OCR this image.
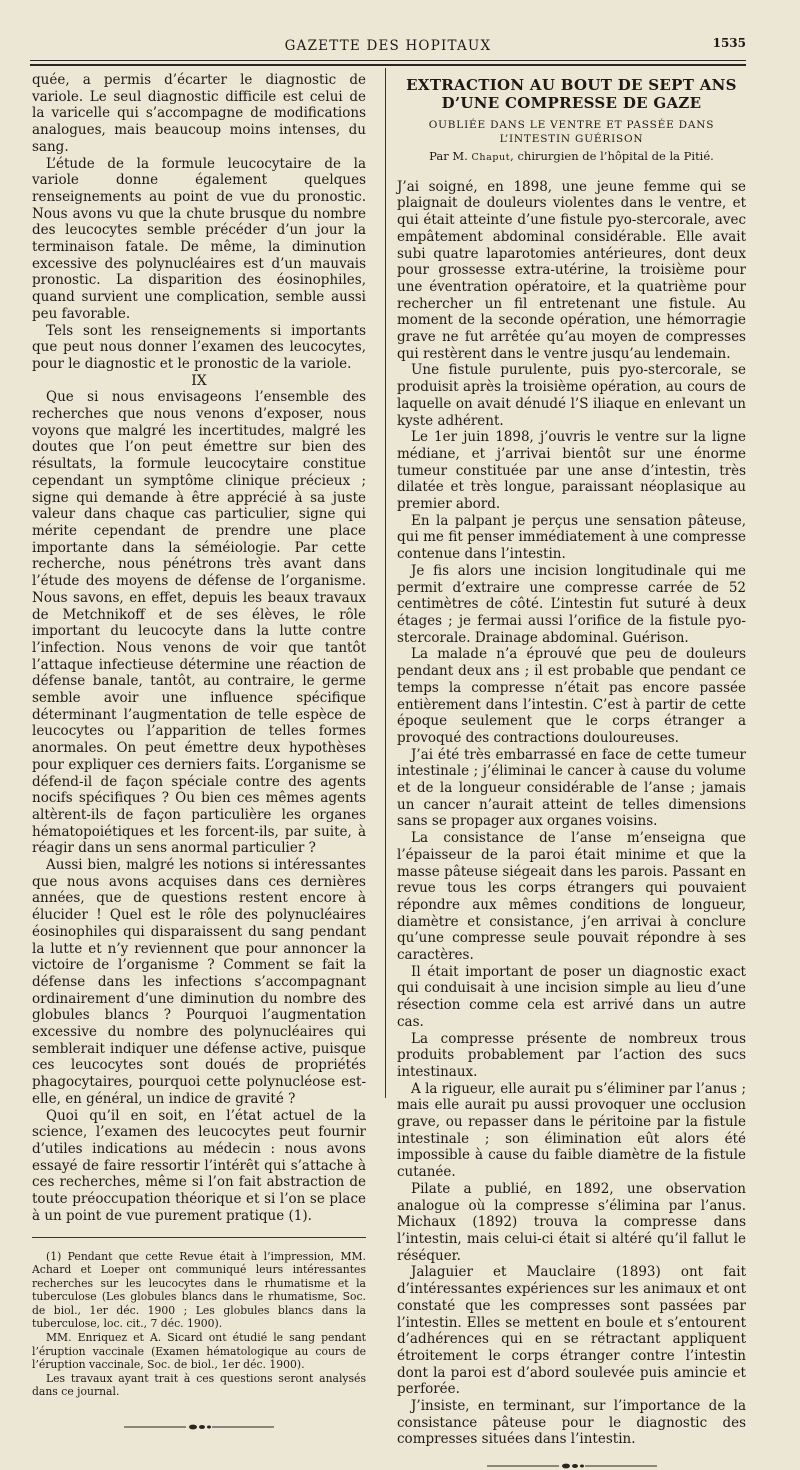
GAZETTE DES HOPITAUX	1535

quée, a permis d’écarter le diagnostic de variole. Le seul diagnostic difficile est celui de la varicelle qui s’accompagne de modifications analogues, mais beaucoup moins intenses, du sang.

L’étude de la formule leucocytaire de la variole donne également quelques renseignements au point de vue du pronostic. Nous avons vu que la chute brusque du nombre des leucocytes semble précéder d’un jour la terminaison fatale. De même, la diminution excessive des polynucléaires est d’un mauvais pronostic. La disparition des éosinophiles, quand survient une complication, semble aussi peu favorable.

Tels sont les renseignements si importants que peut nous donner l’examen des leucocytes, pour le diagnostic et le pronostic de la variole.

IX

Que si nous envisageons l’ensemble des recherches que nous venons d’exposer, nous voyons que malgré les incertitudes, malgré les doutes que l’on peut émettre sur bien des résultats, la formule leucocytaire constitue cependant un symptôme clinique précieux ; signe qui demande à être apprécié à sa juste valeur dans chaque cas particulier, signe qui mérite cependant de prendre une place importante dans la séméiologie. Par cette recherche, nous pénétrons très avant dans l’étude des moyens de défense de l’organisme. Nous savons, en effet, depuis les beaux travaux de Metchnikoff et de ses élèves, le rôle important du leucocyte dans la lutte contre l’infection. Nous venons de voir que tantôt l’attaque infectieuse détermine une réaction de défense banale, tantôt, au contraire, le germe semble avoir une influence spécifique déterminant l’augmentation de telle espèce de leucocytes ou l’apparition de telles formes anormales. On peut émettre deux hypothèses pour expliquer ces derniers faits. L’organisme se défend-il de façon spéciale contre des agents nocifs spécifiques ? Ou bien ces mêmes agents altèrent-ils de façon particulière les organes hématopoiétiques et les forcent-ils, par suite, à réagir dans un sens anormal particulier ?

Aussi bien, malgré les notions si intéressantes que nous avons acquises dans ces dernières années, que de questions restent encore à élucider ! Quel est le rôle des polynucléaires éosinophiles qui disparaissent du sang pendant la lutte et n’y reviennent que pour annoncer la victoire de l’organisme ? Comment se fait la défense dans les infections s’accompagnant ordinairement d’une diminution du nombre des globules blancs ? Pourquoi l’augmentation excessive du nombre des polynucléaires qui semblerait indiquer une défense active, puisque ces leucocytes sont doués de propriétés phagocytaires, pourquoi cette polynucléose est-elle, en général, un indice de gravité ?

Quoi qu’il en soit, en l’état actuel de la science, l’examen des leucocytes peut fournir d’utiles indications au médecin : nous avons essayé de faire ressortir l’intérêt qui s’attache à ces recherches, même si l’on fait abstraction de toute préoccupation théorique et si l’on se place à un point de vue purement pratique (1).

(1) Pendant que cette Revue était à l’impression, MM. Achard et Loeper ont communiqué leurs intéressantes recherches sur les leucocytes dans le rhumatisme et la tuberculose (Les globules blancs dans le rhumatisme, Soc. de biol., 1er déc. 1900 ; Les globules blancs dans la tuberculose, loc. cit., 7 déc. 1900).

MM. Enriquez et A. Sicard ont étudié le sang pendant l’éruption vaccinale (Examen hématologique au cours de l’éruption vaccinale, Soc. de biol., 1er déc. 1900).

Les travaux ayant trait à ces questions seront analysés dans ce journal.

EXTRACTION AU BOUT DE SEPT ANS D’UNE COMPRESSE DE GAZE
OUBLIÉE DANS LE VENTRE ET PASSÉE DANS L’INTESTIN GUÉRISON
Par M. Chaput, chirurgien de l’hôpital de la Pitié.

J’ai soigné, en 1898, une jeune femme qui se plaignait de douleurs violentes dans le ventre, et qui était atteinte d’une fistule pyo-stercorale, avec empâtement abdominal considérable. Elle avait subi quatre laparotomies antérieures, dont deux pour grossesse extra-utérine, la troisième pour une éventration opératoire, et la quatrième pour rechercher un fil entretenant une fistule. Au moment de la seconde opération, une hémorragie grave ne fut arrêtée qu’au moyen de compresses qui restèrent dans le ventre jusqu’au lendemain.

Une fistule purulente, puis pyo-stercorale, se produisit après la troisième opération, au cours de laquelle on avait dénudé l’S iliaque en enlevant un kyste adhérent.

Le 1er juin 1898, j’ouvris le ventre sur la ligne médiane, et j’arrivai bientôt sur une énorme tumeur constituée par une anse d’intestin, très dilatée et très longue, paraissant néoplasique au premier abord.

En la palpant je perçus une sensation pâteuse, qui me fit penser immédiatement à une compresse contenue dans l’intestin.

Je fis alors une incision longitudinale qui me permit d’extraire une compresse carrée de 52 centimètres de côté. L’intestin fut suturé à deux étages ; je fermai aussi l’orifice de la fistule pyo-stercorale. Drainage abdominal. Guérison.

La malade n’a éprouvé que peu de douleurs pendant deux ans ; il est probable que pendant ce temps la compresse n’était pas encore passée entièrement dans l’intestin. C’est à partir de cette époque seulement que le corps étranger a provoqué des contractions douloureuses.

J’ai été très embarrassé en face de cette tumeur intestinale ; j’éliminai le cancer à cause du volume et de la longueur considérable de l’anse ; jamais un cancer n’aurait atteint de telles dimensions sans se propager aux organes voisins.

La consistance de l’anse m’enseigna que l’épaisseur de la paroi était minime et que la masse pâteuse siégeait dans les parois. Passant en revue tous les corps étrangers qui pouvaient répondre aux mêmes conditions de longueur, diamètre et consistance, j’en arrivai à conclure qu’une compresse seule pouvait répondre à ses caractères.

Il était important de poser un diagnostic exact qui conduisait à une incision simple au lieu d’une résection comme cela est arrivé dans un autre cas.

La compresse présente de nombreux trous produits probablement par l’action des sucs intestinaux.

A la rigueur, elle aurait pu s’éliminer par l’anus ; mais elle aurait pu aussi provoquer une occlusion grave, ou repasser dans le péritoine par la fistule intestinale ; son élimination eût alors été impossible à cause du faible diamètre de la fistule cutanée.

Pilate a publié, en 1892, une observation analogue où la compresse s’élimina par l’anus. Michaux (1892) trouva la compresse dans l’intestin, mais celui-ci était si altéré qu’il fallut le réséquer.

Jalaguier et Mauclaire (1893) ont fait d’intéressantes expériences sur les animaux et ont constaté que les compresses sont passées par l’intestin. Elles se mettent en boule et s’entourent d’adhérences qui en se rétractant appliquent étroitement le corps étranger contre l’intestin dont la paroi est d’abord soulevée puis amincie et perforée.

J’insiste, en terminant, sur l’importance de la consistance pâteuse pour le diagnostic des compresses situées dans l’intestin.
